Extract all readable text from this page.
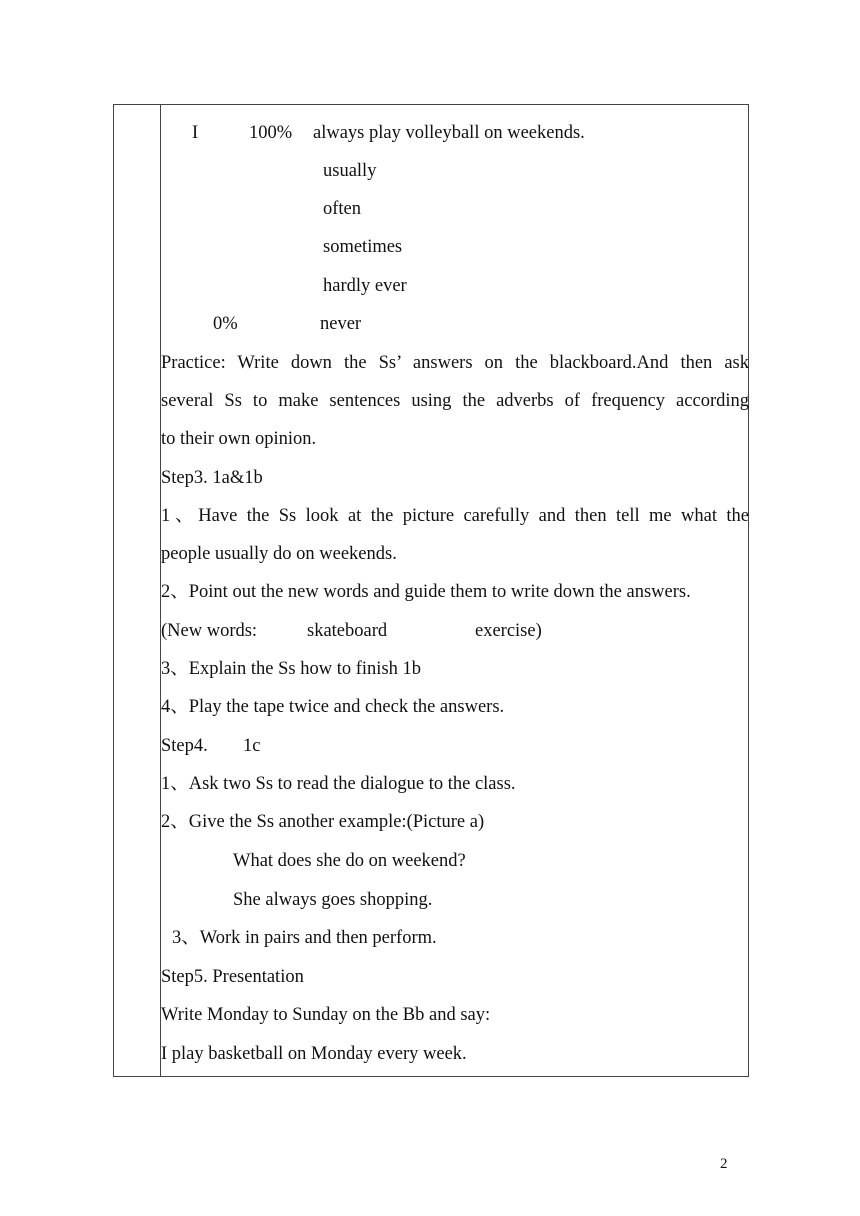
I	100% always play volleyball on weekends.
usually
often
sometimes
hardly ever
0%	never
Practice: Write down the Ss’ answers on the blackboard.And then ask
several Ss to make sentences using the adverbs of frequency according
to their own opinion.
Step3. 1a&1b
1、Have the Ss look at the picture carefully and then tell me what the
people usually do on weekends.
2、Point out the new words and guide them to write down the answers.
(New words:	skateboard	exercise)
3、Explain the Ss how to finish 1b
4、Play the tape twice and check the answers.
Step4. 1c
1、Ask two Ss to read the dialogue to the class.
2、Give the Ss another example:(Picture a)
What does she do on weekend?
She always goes shopping.
3、Work in pairs and then perform.
Step5. Presentation
Write Monday to Sunday on the Bb and say:
I play basketball on Monday every week.
2
